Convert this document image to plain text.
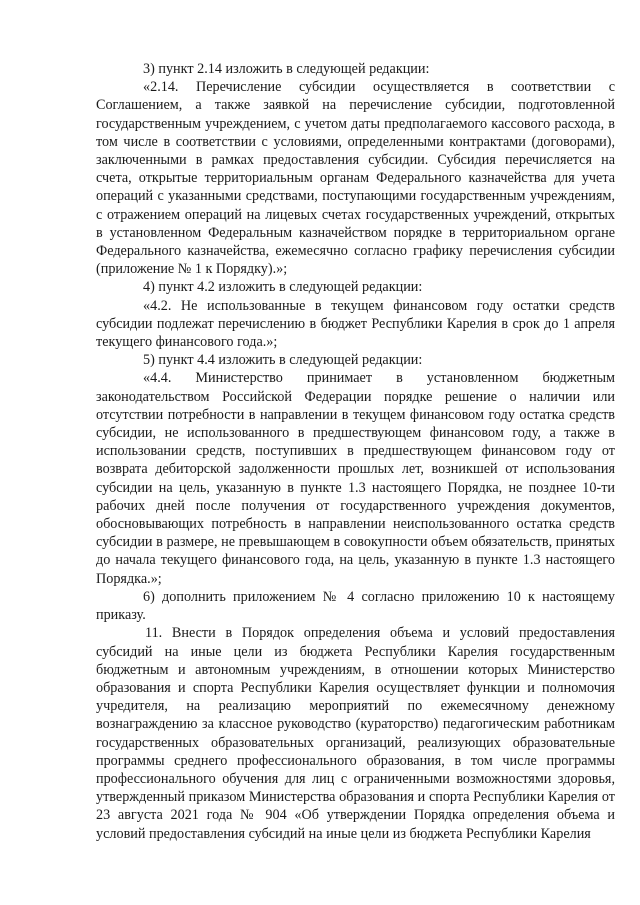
3) пункт 2.14 изложить в следующей редакции:

«2.14. Перечисление субсидии осуществляется в соответствии с Соглашением, а также заявкой на перечисление субсидии, подготовленной государственным учреждением, с учетом даты предполагаемого кассового расхода, в том числе в соответствии с условиями, определенными контрактами (договорами), заключенными в рамках предоставления субсидии. Субсидия перечисляется на счета, открытые территориальным органам Федерального казначейства для учета операций с указанными средствами, поступающими государственным учреждениям, с отражением операций на лицевых счетах государственных учреждений, открытых в установленном Федеральным казначейством порядке в территориальном органе Федерального казначейства, ежемесячно согласно графику перечисления субсидии (приложение № 1 к Порядку).»;

4) пункт 4.2 изложить в следующей редакции:

«4.2. Не использованные в текущем финансовом году остатки средств субсидии подлежат перечислению в бюджет Республики Карелия в срок до 1 апреля текущего финансового года.»;

5) пункт 4.4 изложить в следующей редакции:

«4.4. Министерство принимает в установленном бюджетным законодательством Российской Федерации порядке решение о наличии или отсутствии потребности в направлении в текущем финансовом году остатка средств субсидии, не использованного в предшествующем финансовом году, а также в использовании средств, поступивших в предшествующем финансовом году от возврата дебиторской задолженности прошлых лет, возникшей от использования субсидии на цель, указанную в пункте 1.3 настоящего Порядка, не позднее 10-ти рабочих дней после получения от государственного учреждения документов, обосновывающих потребность в направлении неиспользованного остатка средств субсидии в размере, не превышающем в совокупности объем обязательств, принятых до начала текущего финансового года, на цель, указанную в пункте 1.3 настоящего Порядка.»;

6) дополнить приложением № 4 согласно приложению 10 к настоящему приказу.

11. Внести в Порядок определения объема и условий предоставления субсидий на иные цели из бюджета Республики Карелия государственным бюджетным и автономным учреждениям, в отношении которых Министерство образования и спорта Республики Карелия осуществляет функции и полномочия учредителя, на реализацию мероприятий по ежемесячному денежному вознаграждению за классное руководство (кураторство) педагогическим работникам государственных образовательных организаций, реализующих образовательные программы среднего профессионального образования, в том числе программы профессионального обучения для лиц с ограниченными возможностями здоровья, утвержденный приказом Министерства образования и спорта Республики Карелия от 23 августа 2021 года № 904 «Об утверждении Порядка определения объема и условий предоставления субсидий на иные цели из бюджета Республики Карелия
